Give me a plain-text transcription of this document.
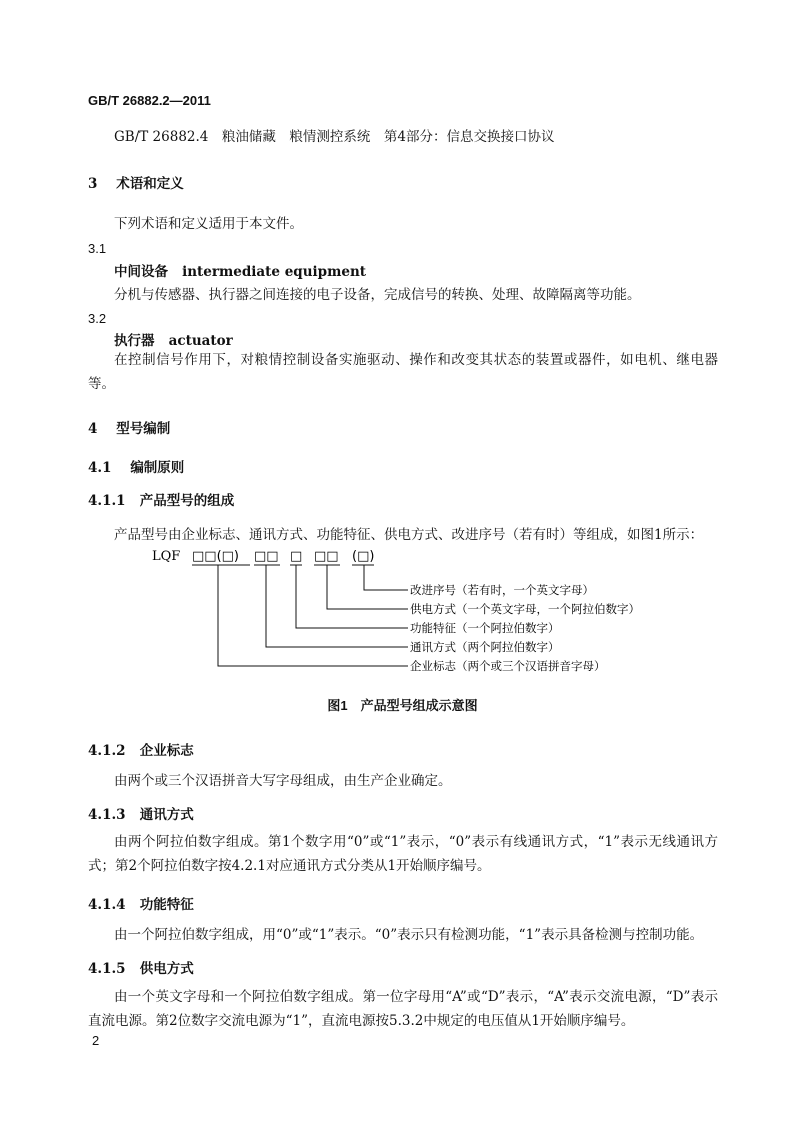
GB/T 26882.2—2011
GB/T 26882.4　粮油储藏　粮情测控系统　第4部分：信息交换接口协议
3 术语和定义
下列术语和定义适用于本文件。
3.1
中间设备 intermediate equipment
分机与传感器、执行器之间连接的电子设备，完成信号的转换、处理、故障隔离等功能。
3.2
执行器 actuator
在控制信号作用下，对粮情控制设备实施驱动、操作和改变其状态的装置或器件，如电机、继电器等。
4 型号编制
4.1 编制原则
4.1.1 产品型号的组成
产品型号由企业标志、通讯方式、功能特征、供电方式、改进序号（若有时）等组成，如图1所示：
LQF □□(□) □□ □ □□ (□)
改进序号（若有时，一个英文字母）
供电方式（一个英文字母，一个阿拉伯数字）
功能特征（一个阿拉伯数字）
通讯方式（两个阿拉伯数字）
企业标志（两个或三个汉语拼音字母）
图1　产品型号组成示意图
4.1.2 企业标志
由两个或三个汉语拼音大写字母组成，由生产企业确定。
4.1.3 通讯方式
由两个阿拉伯数字组成。第1个数字用“0”或“1”表示，“0”表示有线通讯方式，“1”表示无线通讯方式；第2个阿拉伯数字按4.2.1对应通讯方式分类从1开始顺序编号。
4.1.4 功能特征
由一个阿拉伯数字组成，用“0”或“1”表示。“0”表示只有检测功能，“1”表示具备检测与控制功能。
4.1.5 供电方式
由一个英文字母和一个阿拉伯数字组成。第一位字母用“A”或“D”表示，“A”表示交流电源，“D”表示直流电源。第2位数字交流电源为“1”，直流电源按5.3.2中规定的电压值从1开始顺序编号。
2
